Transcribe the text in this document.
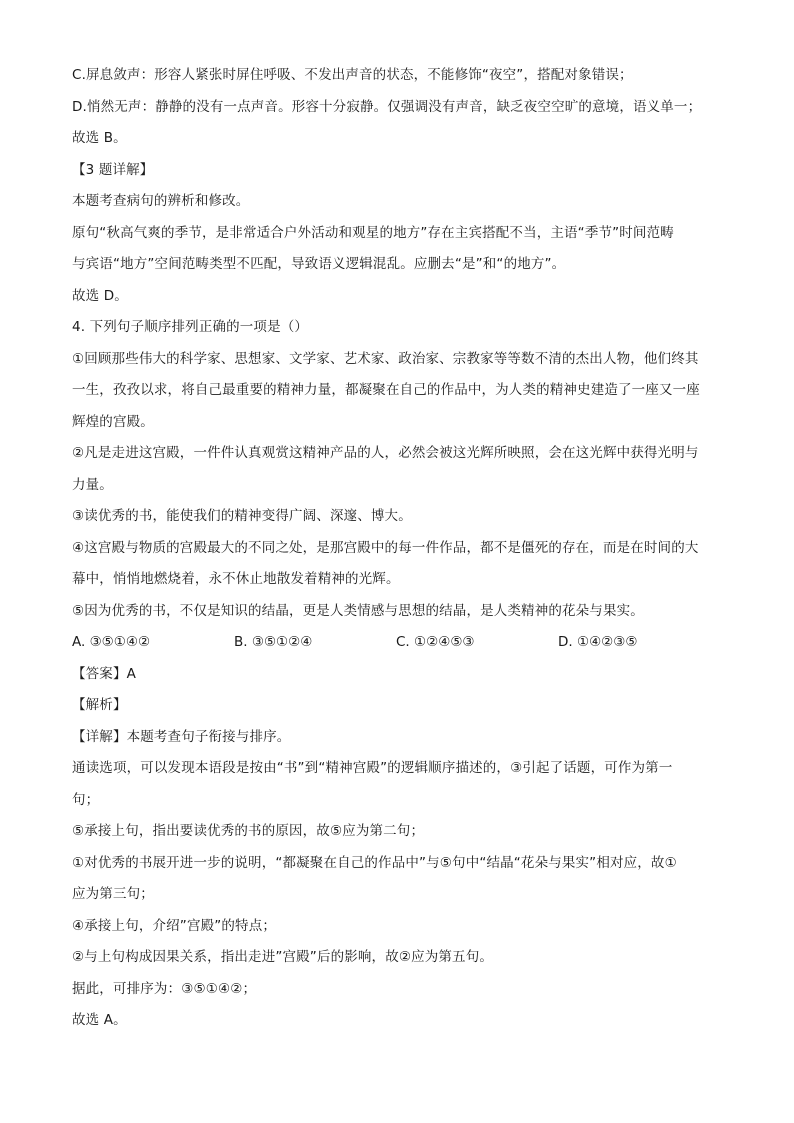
C.屏息敛声：形容人紧张时屏住呼吸、不发出声音的状态，不能修饰“夜空”，搭配对象错误；
D.悄然无声：静静的没有一点声音。形容十分寂静。仅强调没有声音，缺乏夜空空旷的意境，语义单一；
故选 B。
【3 题详解】
本题考查病句的辨析和修改。
原句“秋高气爽的季节，是非常适合户外活动和观星的地方”存在主宾搭配不当，主语“季节”时间范畴
与宾语“地方”空间范畴类型不匹配，导致语义逻辑混乱。应删去“是”和“的地方”。
故选 D。
4. 下列句子顺序排列正确的一项是（）
①回顾那些伟大的科学家、思想家、文学家、艺术家、政治家、宗教家等等数不清的杰出人物，他们终其
一生，孜孜以求，将自己最重要的精神力量，都凝聚在自己的作品中，为人类的精神史建造了一座又一座
辉煌的宫殿。
②凡是走进这宫殿，一件件认真观赏这精神产品的人，必然会被这光辉所映照，会在这光辉中获得光明与
力量。
③读优秀的书，能使我们的精神变得广阔、深邃、博大。
④这宫殿与物质的宫殿最大的不同之处，是那宫殿中的每一件作品，都不是僵死的存在，而是在时间的大
幕中，悄悄地燃烧着，永不休止地散发着精神的光辉。
⑤因为优秀的书，不仅是知识的结晶，更是人类情感与思想的结晶，是人类精神的花朵与果实。
A. ③⑤①④②	B. ③⑤①②④	C. ①②④⑤③	D. ①④②③⑤
【答案】A
【解析】
【详解】本题考查句子衔接与排序。
通读选项，可以发现本语段是按由“书”到“精神宫殿”的逻辑顺序描述的，③引起了话题，可作为第一
句；
⑤承接上句，指出要读优秀的书的原因，故⑤应为第二句；
①对优秀的书展开进一步的说明，“都凝聚在自己的作品中”与⑤句中“结晶“花朵与果实”相对应，故①
应为第三句；
④承接上句，介绍”宫殿”的特点；
②与上句构成因果关系，指出走进”宫殿”后的影响，故②应为第五句。
据此，可排序为：③⑤①④②；
故选 A。
